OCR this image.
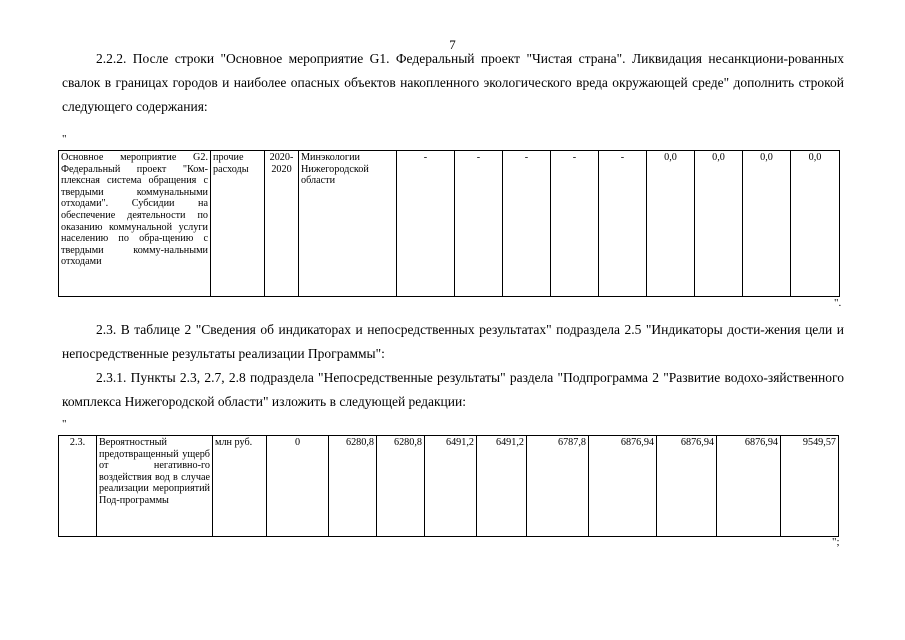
7
2.2.2. После строки "Основное мероприятие G1. Федеральный проект "Чистая страна". Ликвидация несанкциони-рованных свалок в границах городов и наиболее опасных объектов накопленного экологического вреда окружающей среде" дополнить строкой следующего содержания:
"
Основное мероприятие G2. Федеральный проект "Ком-плексная система обращения с твердыми коммунальными отходами". Субсидии на обеспечение деятельности по оказанию коммунальной услуги населению по обра-щению с твердыми комму-нальными отходами	прочие расходы	2020-2020	Минэкологии Нижегородской области	-	-	-	-	-	0,0	0,0	0,0	0,0
".
2.3. В таблице 2 "Сведения об индикаторах и непосредственных результатах" подраздела 2.5 "Индикаторы дости-жения цели и непосредственные результаты реализации Программы":
2.3.1. Пункты 2.3, 2.7, 2.8 подраздела "Непосредственные результаты" раздела "Подпрограмма 2 "Развитие водохо-зяйственного комплекса Нижегородской области" изложить в следующей редакции:
"
2.3.	Вероятностный предотвращенный ущерб от негативно-го воздействия вод в случае реализации мероприятий Под-программы	млн руб.	0	6280,8	6280,8	6491,2	6491,2	6787,8	6876,94	6876,94	6876,94	9549,57
";
